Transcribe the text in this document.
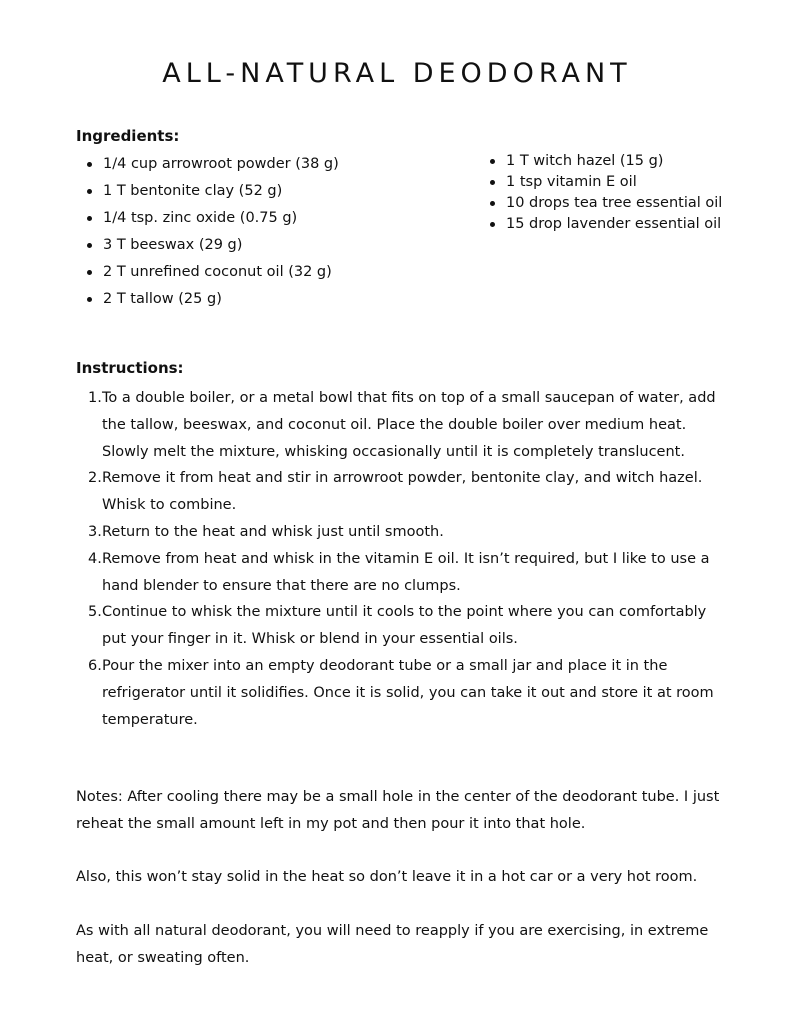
ALL-NATURAL DEODORANT
Ingredients:
1/4 cup arrowroot powder (38 g)
1 T bentonite clay (52 g)
1/4 tsp. zinc oxide (0.75 g)
3 T beeswax (29 g)
2 T unrefined coconut oil (32 g)
2 T tallow (25 g)
1 T witch hazel (15 g)
1 tsp vitamin E oil
10 drops tea tree essential oil
15 drop lavender essential oil
Instructions:
1. To a double boiler, or a metal bowl that fits on top of a small saucepan of water, add the tallow, beeswax, and coconut oil. Place the double boiler over medium heat. Slowly melt the mixture, whisking occasionally until it is completely translucent.
2. Remove it from heat and stir in arrowroot powder, bentonite clay, and witch hazel. Whisk to combine.
3. Return to the heat and whisk just until smooth.
4. Remove from heat and whisk in the vitamin E oil. It isn’t required, but I like to use a hand blender to ensure that there are no clumps.
5. Continue to whisk the mixture until it cools to the point where you can comfortably put your finger in it. Whisk or blend in your essential oils.
6. Pour the mixer into an empty deodorant tube or a small jar and place it in the refrigerator until it solidifies. Once it is solid, you can take it out and store it at room temperature.

Notes: After cooling there may be a small hole in the center of the deodorant tube. I just reheat the small amount left in my pot and then pour it into that hole.

Also, this won’t stay solid in the heat so don’t leave it in a hot car or a very hot room.

As with all natural deodorant, you will need to reapply if you are exercising, in extreme heat, or sweating often.
